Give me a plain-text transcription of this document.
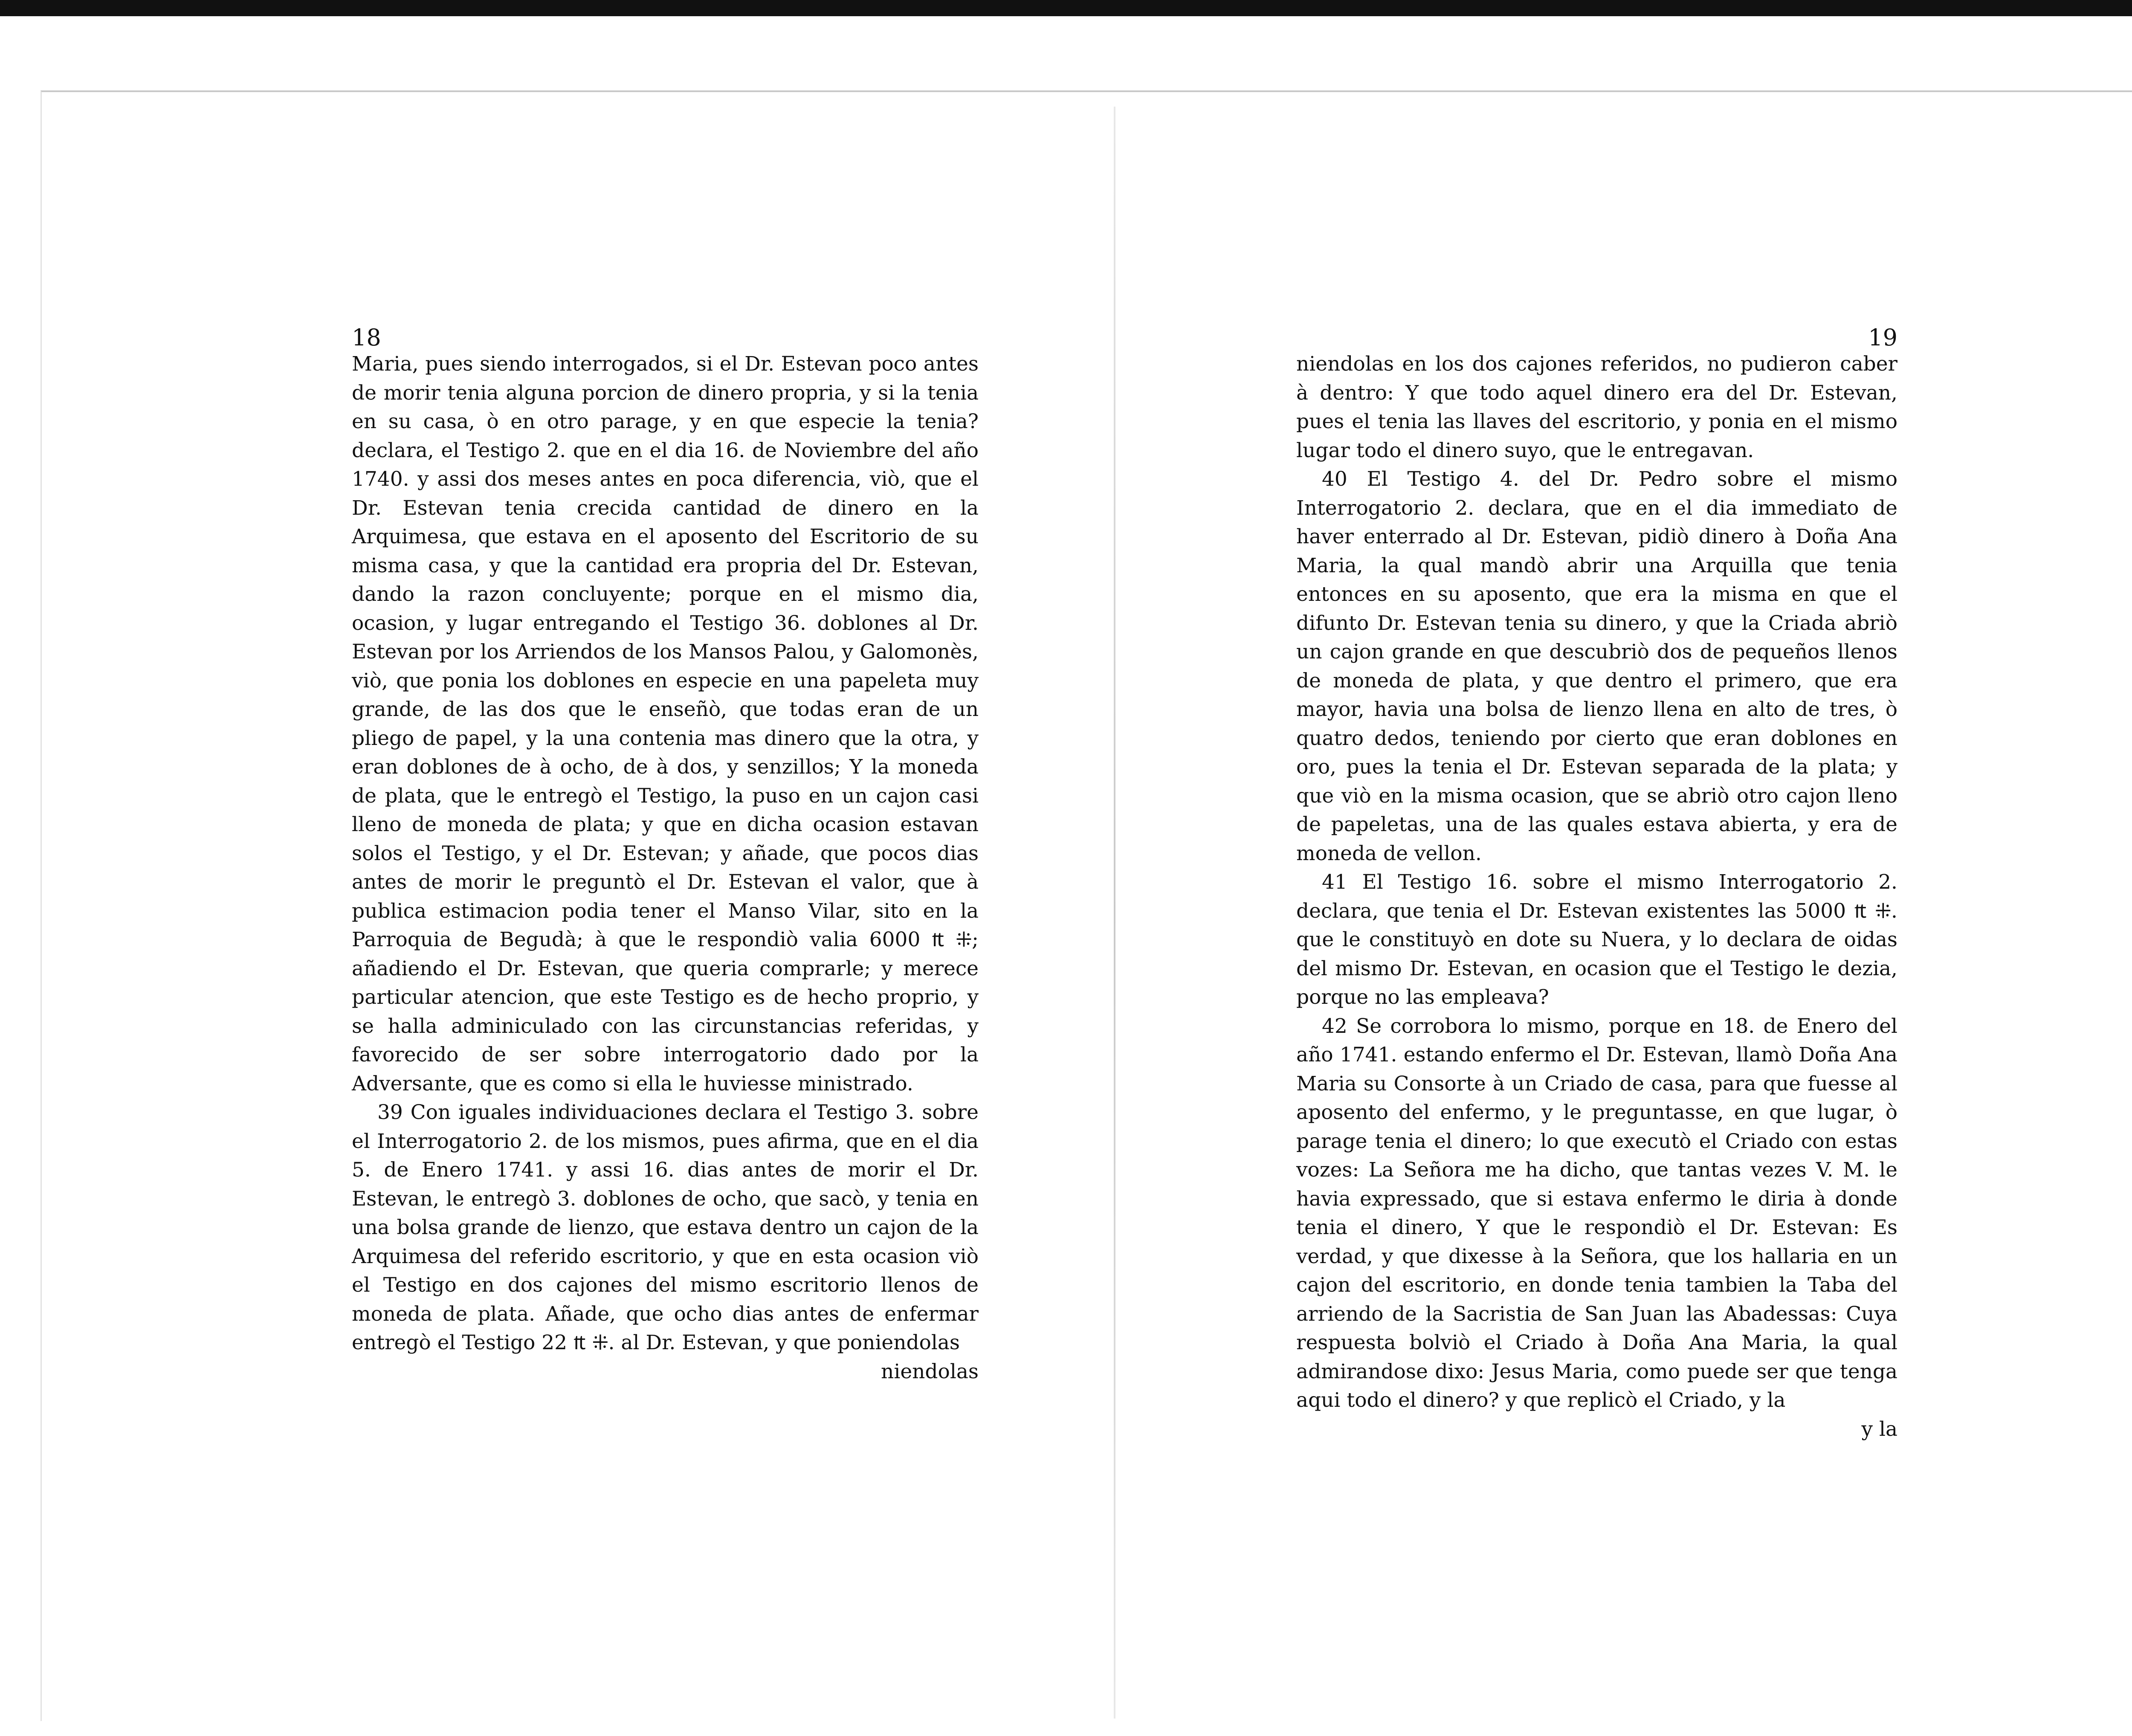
18

Maria, pues siendo interrogados, si el Dr. Estevan poco antes de morir tenia alguna porcion de dinero propria, y si la tenia en su casa, ò en otro parage, y en que especie la tenia? declara, el Testigo 2. que en el dia 16. de Noviembre del año 1740. y assi dos meses antes en poca diferencia, viò, que el Dr. Estevan tenia crecida cantidad de dinero en la Arquimesa, que estava en el aposento del Escritorio de su misma casa, y que la cantidad era propria del Dr. Estevan, dando la razon concluyente; porque en el mismo dia, ocasion, y lugar entregando el Testigo 36. doblones al Dr. Estevan por los Arriendos de los Mansos Palou, y Galomonès, viò, que ponia los doblones en especie en una papeleta muy grande, de las dos que le enseñò, que todas eran de un pliego de papel, y la una contenia mas dinero que la otra, y eran doblones de à ocho, de à dos, y senzillos; Y la moneda de plata, que le entregò el Testigo, la puso en un cajon casi lleno de moneda de plata; y que en dicha ocasion estavan solos el Testigo, y el Dr. Estevan; y añade, que pocos dias antes de morir le preguntò el Dr. Estevan el valor, que à publica estimacion podia tener el Manso Vilar, sito en la Parroquia de Begudà; à que le respondiò valia 6000 ₶ ⁜; añadiendo el Dr. Estevan, que queria comprarle; y merece particular atencion, que este Testigo es de hecho proprio, y se halla adminiculado con las circunstancias referidas, y favorecido de ser sobre interrogatorio dado por la Adversante, que es como si ella le huviesse ministrado.

39 Con iguales individuaciones declara el Testigo 3. sobre el Interrogatorio 2. de los mismos, pues afirma, que en el dia 5. de Enero 1741. y assi 16. dias antes de morir el Dr. Estevan, le entregò 3. doblones de ocho, que sacò, y tenia en una bolsa grande de lienzo, que estava dentro un cajon de la Arquimesa del referido escritorio, y que en esta ocasion viò el Testigo en dos cajones del mismo escritorio llenos de moneda de plata. Añade, que ocho dias antes de enfermar entregò el Testigo 22 ₶ ⁜. al Dr. Estevan, y que poniendolas

niendolas
19

niendolas en los dos cajones referidos, no pudieron caber à dentro: Y que todo aquel dinero era del Dr. Estevan, pues el tenia las llaves del escritorio, y ponia en el mismo lugar todo el dinero suyo, que le entregavan.

40 El Testigo 4. del Dr. Pedro sobre el mismo Interrogatorio 2. declara, que en el dia immediato de haver enterrado al Dr. Estevan, pidiò dinero à Doña Ana Maria, la qual mandò abrir una Arquilla que tenia entonces en su aposento, que era la misma en que el difunto Dr. Estevan tenia su dinero, y que la Criada abriò un cajon grande en que descubriò dos de pequeños llenos de moneda de plata, y que dentro el primero, que era mayor, havia una bolsa de lienzo llena en alto de tres, ò quatro dedos, teniendo por cierto que eran doblones en oro, pues la tenia el Dr. Estevan separada de la plata; y que viò en la misma ocasion, que se abriò otro cajon lleno de papeletas, una de las quales estava abierta, y era de moneda de vellon.

41 El Testigo 16. sobre el mismo Interrogatorio 2. declara, que tenia el Dr. Estevan existentes las 5000 ₶ ⁜. que le constituyò en dote su Nuera, y lo declara de oidas del mismo Dr. Estevan, en ocasion que el Testigo le dezia, porque no las empleava?

42 Se corrobora lo mismo, porque en 18. de Enero del año 1741. estando enfermo el Dr. Estevan, llamò Doña Ana Maria su Consorte à un Criado de casa, para que fuesse al aposento del enfermo, y le preguntasse, en que lugar, ò parage tenia el dinero; lo que executò el Criado con estas vozes: La Señora me ha dicho, que tantas vezes V. M. le havia expressado, que si estava enfermo le diria à donde tenia el dinero, Y que le respondiò el Dr. Estevan: Es verdad, y que dixesse à la Señora, que los hallaria en un cajon del escritorio, en donde tenia tambien la Taba del arriendo de la Sacristia de San Juan las Abadessas: Cuya respuesta bolviò el Criado à Doña Ana Maria, la qual admirandose dixo: Jesus Maria, como puede ser que tenga aqui todo el dinero? y que replicò el Criado, y la

y la
